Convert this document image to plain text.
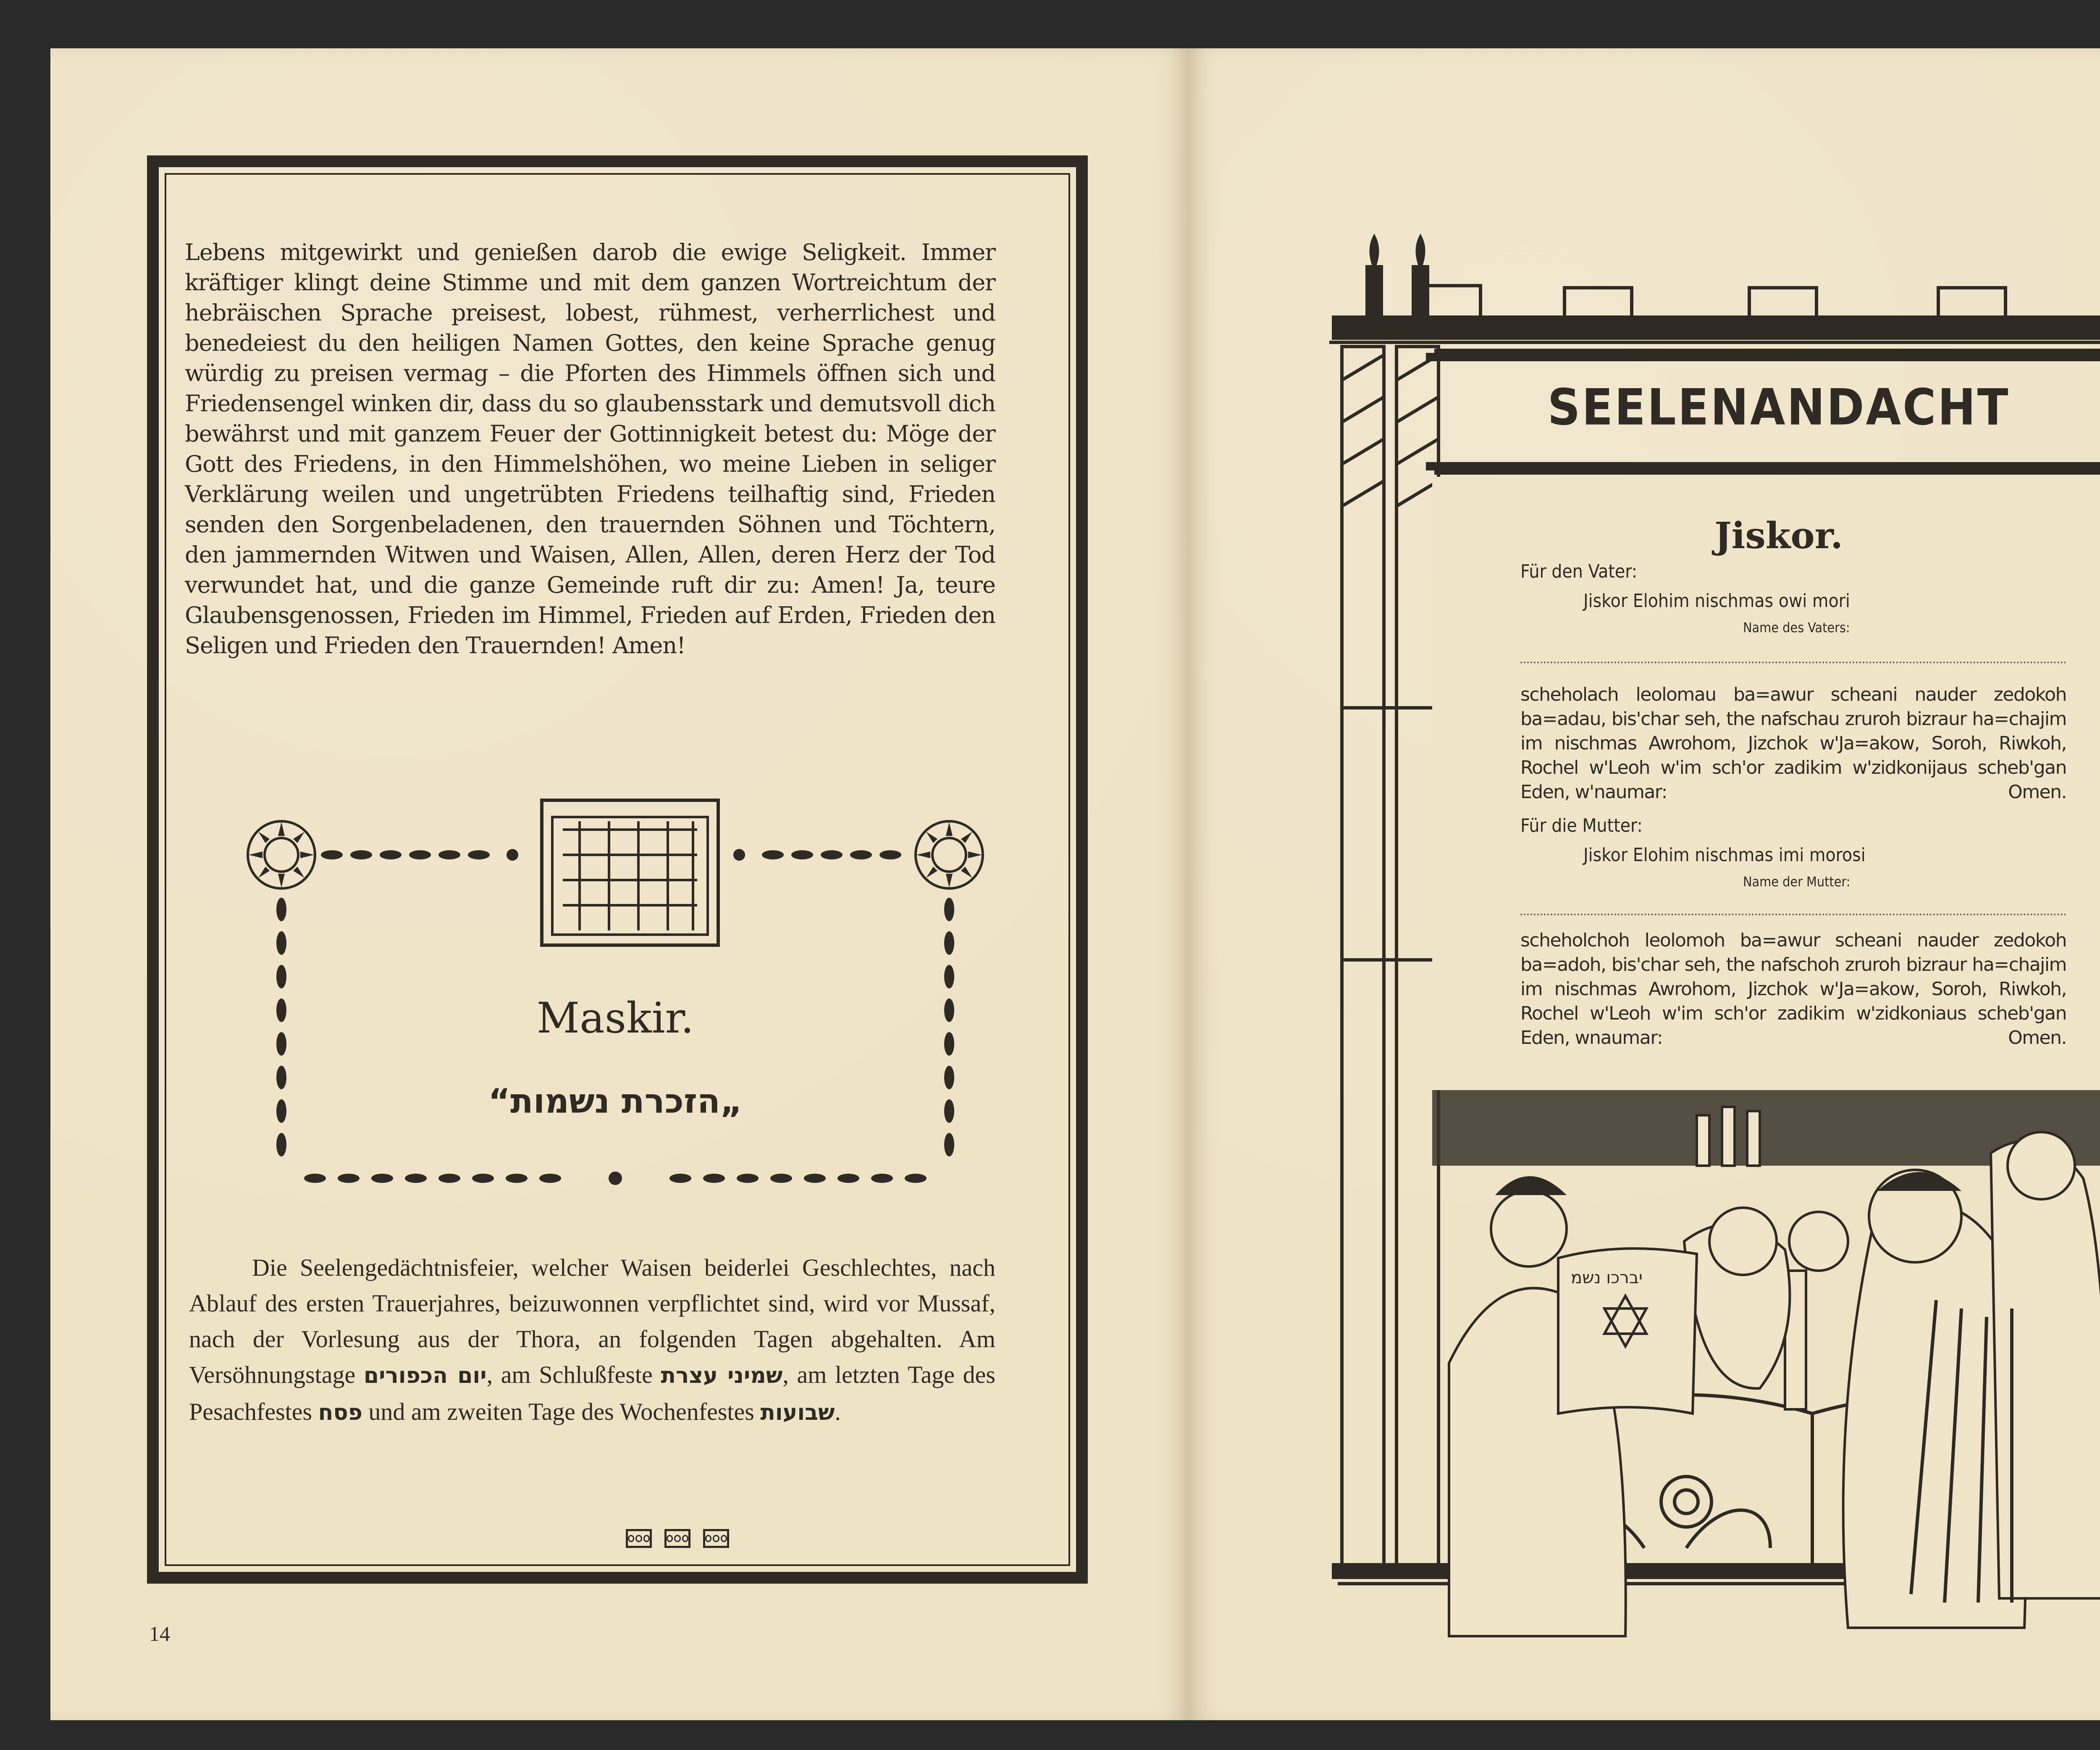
Lebens mitgewirkt und genießen darob die ewige Seligkeit. Immer kräftiger klingt deine Stimme und mit dem ganzen Wortreichtum der hebräischen Sprache preisest, lobest, rühmest, verherrlichest und benedeiest du den heiligen Namen Gottes, den keine Sprache genug würdig zu preisen vermag – die Pforten des Himmels öffnen sich und Friedensengel winken dir, dass du so glaubensstark und demutsvoll dich bewährst und mit ganzem Feuer der Gottinnigkeit betest du: Möge der Gott des Friedens, in den Himmelshöhen, wo meine Lieben in seliger Verklärung weilen und ungetrübten Friedens teilhaftig sind, Frieden senden den Sorgenbeladenen, den trauernden Söhnen und Töchtern, den jammernden Witwen und Waisen, Allen, Allen, deren Herz der Tod verwundet hat, und die ganze Gemeinde ruft dir zu: Amen! Ja, teure Glaubensgenossen, Frieden im Himmel, Frieden auf Erden, Frieden den Seligen und Frieden den Trauernden! Amen!
Maskir.
„הזכרת נשמות“

Die Seelengedächtnisfeier, welcher Waisen beiderlei Geschlechtes, nach Ablauf des ersten Trauerjahres, beizuwonnen verpflichtet sind, wird vor Mussaf, nach der Vorlesung aus der Thora, an folgenden Tagen abgehalten. Am Versöhnungstage יום הכפורים, am Schlußfeste שמיני עצרת, am letzten Tage des Pesachfestes פסח und am zweiten Tage des Wochenfestes שבועות.

14
SEELENANDACHT
Jiskor.
Für den Vater:
Jiskor Elohim nischmas owi mori
Name des Vaters:
scheholach leolomau ba=awur scheani nauder zedokoh ba=adau, bis'char seh, the nafschau zruroh bizraur ha=chajim im nischmas Awrohom, Jizchok w'Ja=akow, Soroh, Riwkoh, Rochel w'Leoh w'im sch'or zadikim w'zidkonijaus scheb'gan Eden, w'naumar:	Omen.
Für die Mutter:
Jiskor Elohim nischmas imi morosi
Name der Mutter:
scheholchoh leolomoh ba=awur scheani nauder zedokoh ba=adoh, bis'char seh, the nafschoh zruroh bizraur ha=chajim im nischmas Awrohom, Jizchok w'Ja=akow, Soroh, Riwkoh, Rochel w'Leoh w'im sch'or zadikim w'zidkoniaus scheb'gan Eden, wnaumar:	Omen.
יברכו נשמ
